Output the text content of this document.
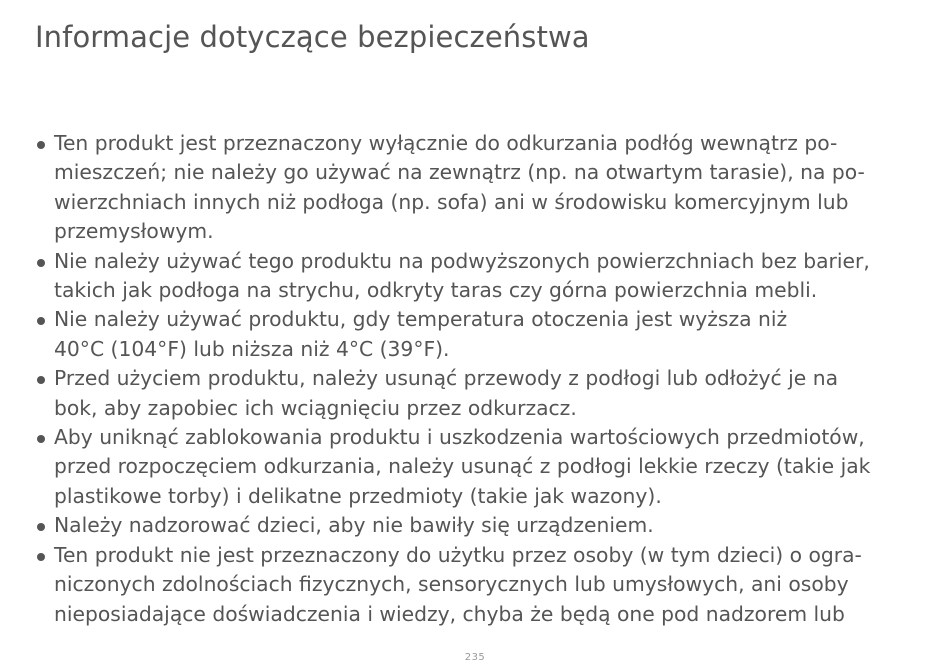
Informacje dotyczące bezpieczeństwa
Ten produkt jest przeznaczony wyłącznie do odkurzania podłóg wewnątrz po-
mieszczeń; nie należy go używać na zewnątrz (np. na otwartym tarasie), na po-
wierzchniach innych niż podłoga (np. sofa) ani w środowisku komercyjnym lub
przemysłowym.
Nie należy używać tego produktu na podwyższonych powierzchniach bez barier,
takich jak podłoga na strychu, odkryty taras czy górna powierzchnia mebli.
Nie należy używać produktu, gdy temperatura otoczenia jest wyższa niż
40°C (104°F) lub niższa niż 4°C (39°F).
Przed użyciem produktu, należy usunąć przewody z podłogi lub odłożyć je na
bok, aby zapobiec ich wciągnięciu przez odkurzacz.
Aby uniknąć zablokowania produktu i uszkodzenia wartościowych przedmiotów,
przed rozpoczęciem odkurzania, należy usunąć z podłogi lekkie rzeczy (takie jak
plastikowe torby) i delikatne przedmioty (takie jak wazony).
Należy nadzorować dzieci, aby nie bawiły się urządzeniem.
Ten produkt nie jest przeznaczony do użytku przez osoby (w tym dzieci) o ogra-
niczonych zdolnościach fizycznych, sensorycznych lub umysłowych, ani osoby
nieposiadające doświadczenia i wiedzy, chyba że będą one pod nadzorem lub
235
